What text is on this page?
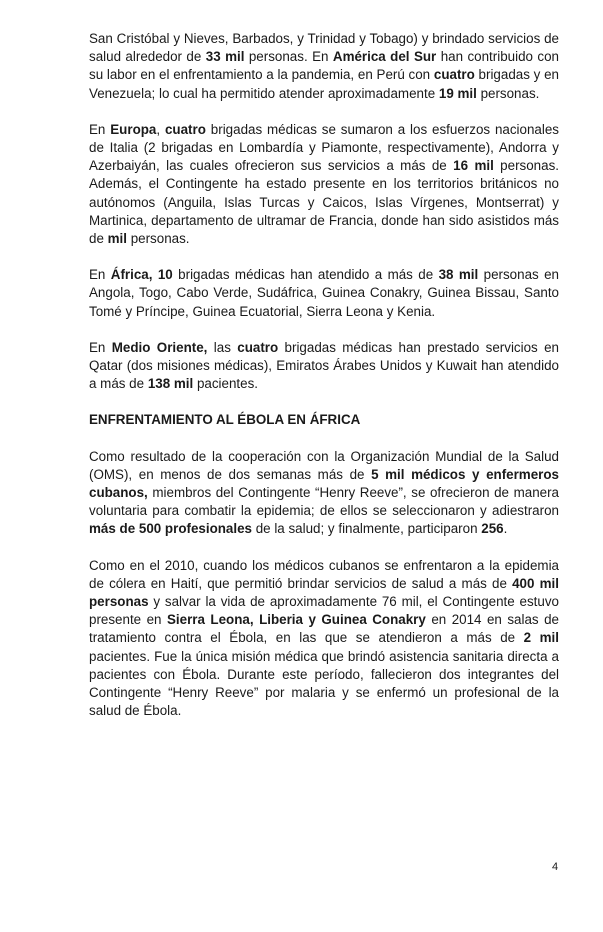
San Cristóbal y Nieves, Barbados, y Trinidad y Tobago) y brindado servicios de salud alrededor de 33 mil personas. En América del Sur han contribuido con su labor en el enfrentamiento a la pandemia, en Perú con cuatro brigadas y en Venezuela; lo cual ha permitido atender aproximadamente 19 mil personas.

En Europa, cuatro brigadas médicas se sumaron a los esfuerzos nacionales de Italia (2 brigadas en Lombardía y Piamonte, respectivamente), Andorra y Azerbaiyán, las cuales ofrecieron sus servicios a más de 16 mil personas. Además, el Contingente ha estado presente en los territorios británicos no autónomos (Anguila, Islas Turcas y Caicos, Islas Vírgenes, Montserrat) y Martinica, departamento de ultramar de Francia, donde han sido asistidos más de mil personas.

En África, 10 brigadas médicas han atendido a más de 38 mil personas en Angola, Togo, Cabo Verde, Sudáfrica, Guinea Conakry, Guinea Bissau, Santo Tomé y Príncipe, Guinea Ecuatorial, Sierra Leona y Kenia.

En Medio Oriente, las cuatro brigadas médicas han prestado servicios en Qatar (dos misiones médicas), Emiratos Árabes Unidos y Kuwait han atendido a más de 138 mil pacientes.

ENFRENTAMIENTO AL ÉBOLA EN ÁFRICA

Como resultado de la cooperación con la Organización Mundial de la Salud (OMS), en menos de dos semanas más de 5 mil médicos y enfermeros cubanos, miembros del Contingente “Henry Reeve”, se ofrecieron de manera voluntaria para combatir la epidemia; de ellos se seleccionaron y adiestraron más de 500 profesionales de la salud; y finalmente, participaron 256.

Como en el 2010, cuando los médicos cubanos se enfrentaron a la epidemia de cólera en Haití, que permitió brindar servicios de salud a más de 400 mil personas y salvar la vida de aproximadamente 76 mil, el Contingente estuvo presente en Sierra Leona, Liberia y Guinea Conakry en 2014 en salas de tratamiento contra el Ébola, en las que se atendieron a más de 2 mil pacientes. Fue la única misión médica que brindó asistencia sanitaria directa a pacientes con Ébola. Durante este período, fallecieron dos integrantes del Contingente “Henry Reeve” por malaria y se enfermó un profesional de la salud de Ébola.

4
